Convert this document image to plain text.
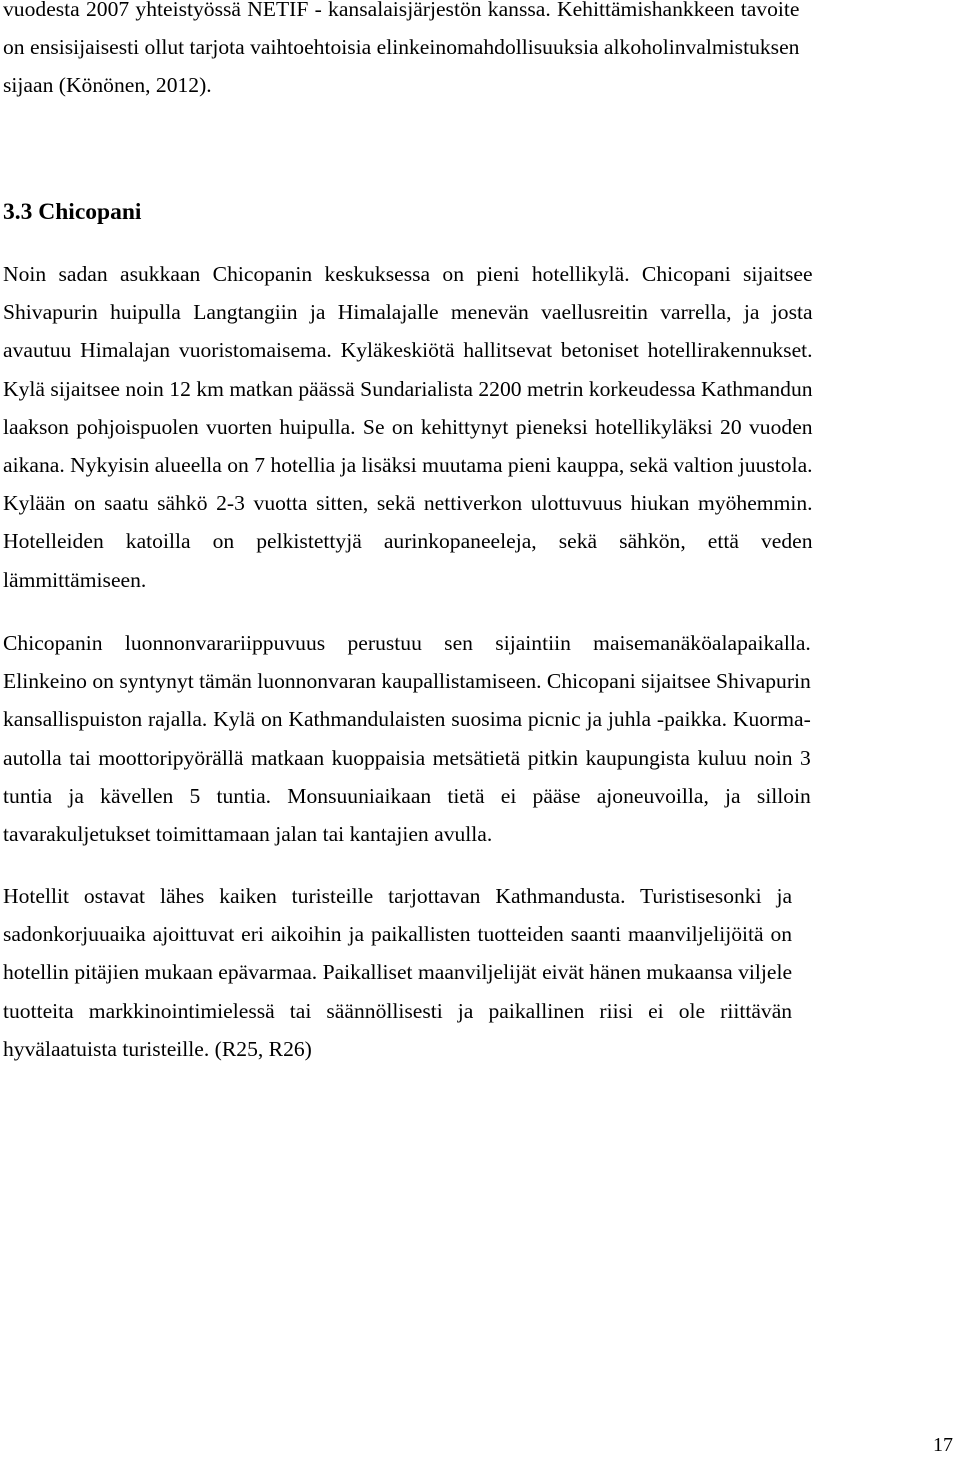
vuodesta 2007 yhteistyössä NETIF - kansalaisjärjestön kanssa. Kehittämishankkeen tavoite
on ensisijaisesti ollut tarjota vaihtoehtoisia elinkeinomahdollisuuksia alkoholinvalmistuksen
sijaan (Könönen, 2012).

3.3 Chicopani

Noin sadan asukkaan Chicopanin keskuksessa on pieni hotellikylä. Chicopani sijaitsee
Shivapurin huipulla Langtangiin ja Himalajalle menevän vaellusreitin varrella, ja josta
avautuu Himalajan vuoristomaisema. Kyläkeskiötä hallitsevat betoniset hotellirakennukset.
Kylä sijaitsee noin 12 km matkan päässä Sundarialista 2200 metrin korkeudessa Kathmandun
laakson pohjoispuolen vuorten huipulla. Se on kehittynyt pieneksi hotellikyläksi 20 vuoden
aikana. Nykyisin alueella on 7 hotellia ja lisäksi muutama pieni kauppa, sekä valtion juustola.
Kylään on saatu sähkö 2-3 vuotta sitten, sekä nettiverkon ulottuvuus hiukan myöhemmin.
Hotelleiden katoilla on pelkistettyjä aurinkopaneeleja, sekä sähkön, että veden
lämmittämiseen.

Chicopanin luonnonvarariippuvuus perustuu sen sijaintiin maisemanäköalapaikalla.
Elinkeino on syntynyt tämän luonnonvaran kaupallistamiseen. Chicopani sijaitsee Shivapurin
kansallispuiston rajalla. Kylä on Kathmandulaisten suosima picnic ja juhla -paikka. Kuorma-
autolla tai moottoripyörällä matkaan kuoppaisia metsätietä pitkin kaupungista kuluu noin 3
tuntia ja kävellen 5 tuntia. Monsuuniaikaan tietä ei pääse ajoneuvoilla, ja silloin
tavarakuljetukset toimittamaan jalan tai kantajien avulla.

Hotellit ostavat lähes kaiken turisteille tarjottavan Kathmandusta. Turistisesonki ja
sadonkorjuuaika ajoittuvat eri aikoihin ja paikallisten tuotteiden saanti maanviljelijöitä on
hotellin pitäjien mukaan epävarmaa. Paikalliset maanviljelijät eivät hänen mukaansa viljele
tuotteita markkinointimielessä tai säännöllisesti ja paikallinen riisi ei ole riittävän
hyvälaatuista turisteille. (R25, R26)

17
